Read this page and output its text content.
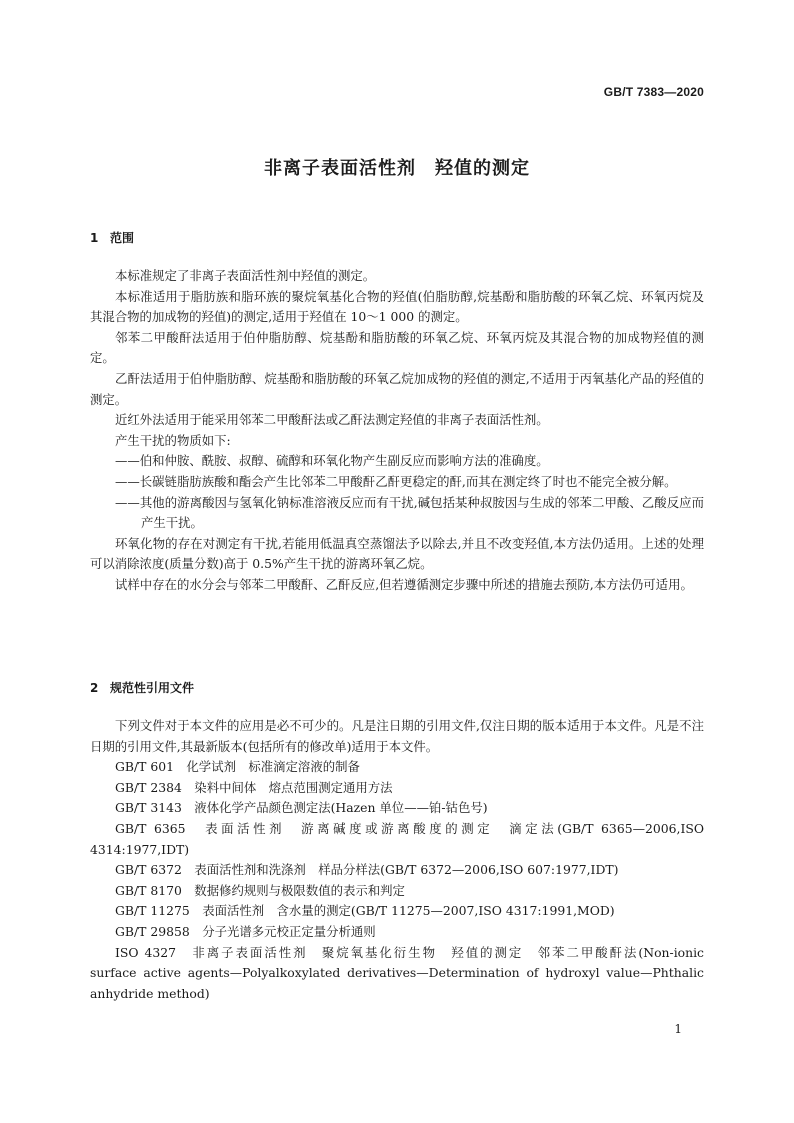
GB/T 7383—2020
非离子表面活性剂　羟值的测定
1 范围

本标准规定了非离子表面活性剂中羟值的测定。

本标准适用于脂肪族和脂环族的聚烷氧基化合物的羟值(伯脂肪醇,烷基酚和脂肪酸的环氧乙烷、环氧丙烷及其混合物的加成物的羟值)的测定,适用于羟值在 10～1 000 的测定。

邻苯二甲酸酐法适用于伯仲脂肪醇、烷基酚和脂肪酸的环氧乙烷、环氧丙烷及其混合物的加成物羟值的测定。

乙酐法适用于伯仲脂肪醇、烷基酚和脂肪酸的环氧乙烷加成物的羟值的测定,不适用于丙氧基化产品的羟值的测定。

近红外法适用于能采用邻苯二甲酸酐法或乙酐法测定羟值的非离子表面活性剂。

产生干扰的物质如下:

——伯和仲胺、酰胺、叔醇、硫醇和环氧化物产生副反应而影响方法的准确度。

——长碳链脂肪族酸和酯会产生比邻苯二甲酸酐乙酐更稳定的酐,而其在测定终了时也不能完全被分解。

——其他的游离酸因与氢氧化钠标准溶液反应而有干扰,碱包括某种叔胺因与生成的邻苯二甲酸、乙酸反应而产生干扰。

环氧化物的存在对测定有干扰,若能用低温真空蒸馏法予以除去,并且不改变羟值,本方法仍适用。上述的处理可以消除浓度(质量分数)高于 0.5%产生干扰的游离环氧乙烷。

试样中存在的水分会与邻苯二甲酸酐、乙酐反应,但若遵循测定步骤中所述的措施去预防,本方法仍可适用。

2 规范性引用文件

下列文件对于本文件的应用是必不可少的。凡是注日期的引用文件,仅注日期的版本适用于本文件。凡是不注日期的引用文件,其最新版本(包括所有的修改单)适用于本文件。

GB/T 601　化学试剂　标准滴定溶液的制备

GB/T 2384　染料中间体　熔点范围测定通用方法

GB/T 3143　液体化学产品颜色测定法(Hazen 单位——铂-钴色号)

GB/T 6365　表面活性剂　游离碱度或游离酸度的测定　滴定法(GB/T 6365—2006,ISO 4314:1977,IDT)

GB/T 6372　表面活性剂和洗涤剂　样品分样法(GB/T 6372—2006,ISO 607:1977,IDT)

GB/T 8170　数据修约规则与极限数值的表示和判定

GB/T 11275　表面活性剂　含水量的测定(GB/T 11275—2007,ISO 4317:1991,MOD)

GB/T 29858　分子光谱多元校正定量分析通则

ISO 4327　非离子表面活性剂　聚烷氧基化衍生物　羟值的测定　邻苯二甲酸酐法(Non-ionic

surface active agents—Polyalkoxylated derivatives—Determination of hydroxyl value—Phthalic

anhydride method)

1
